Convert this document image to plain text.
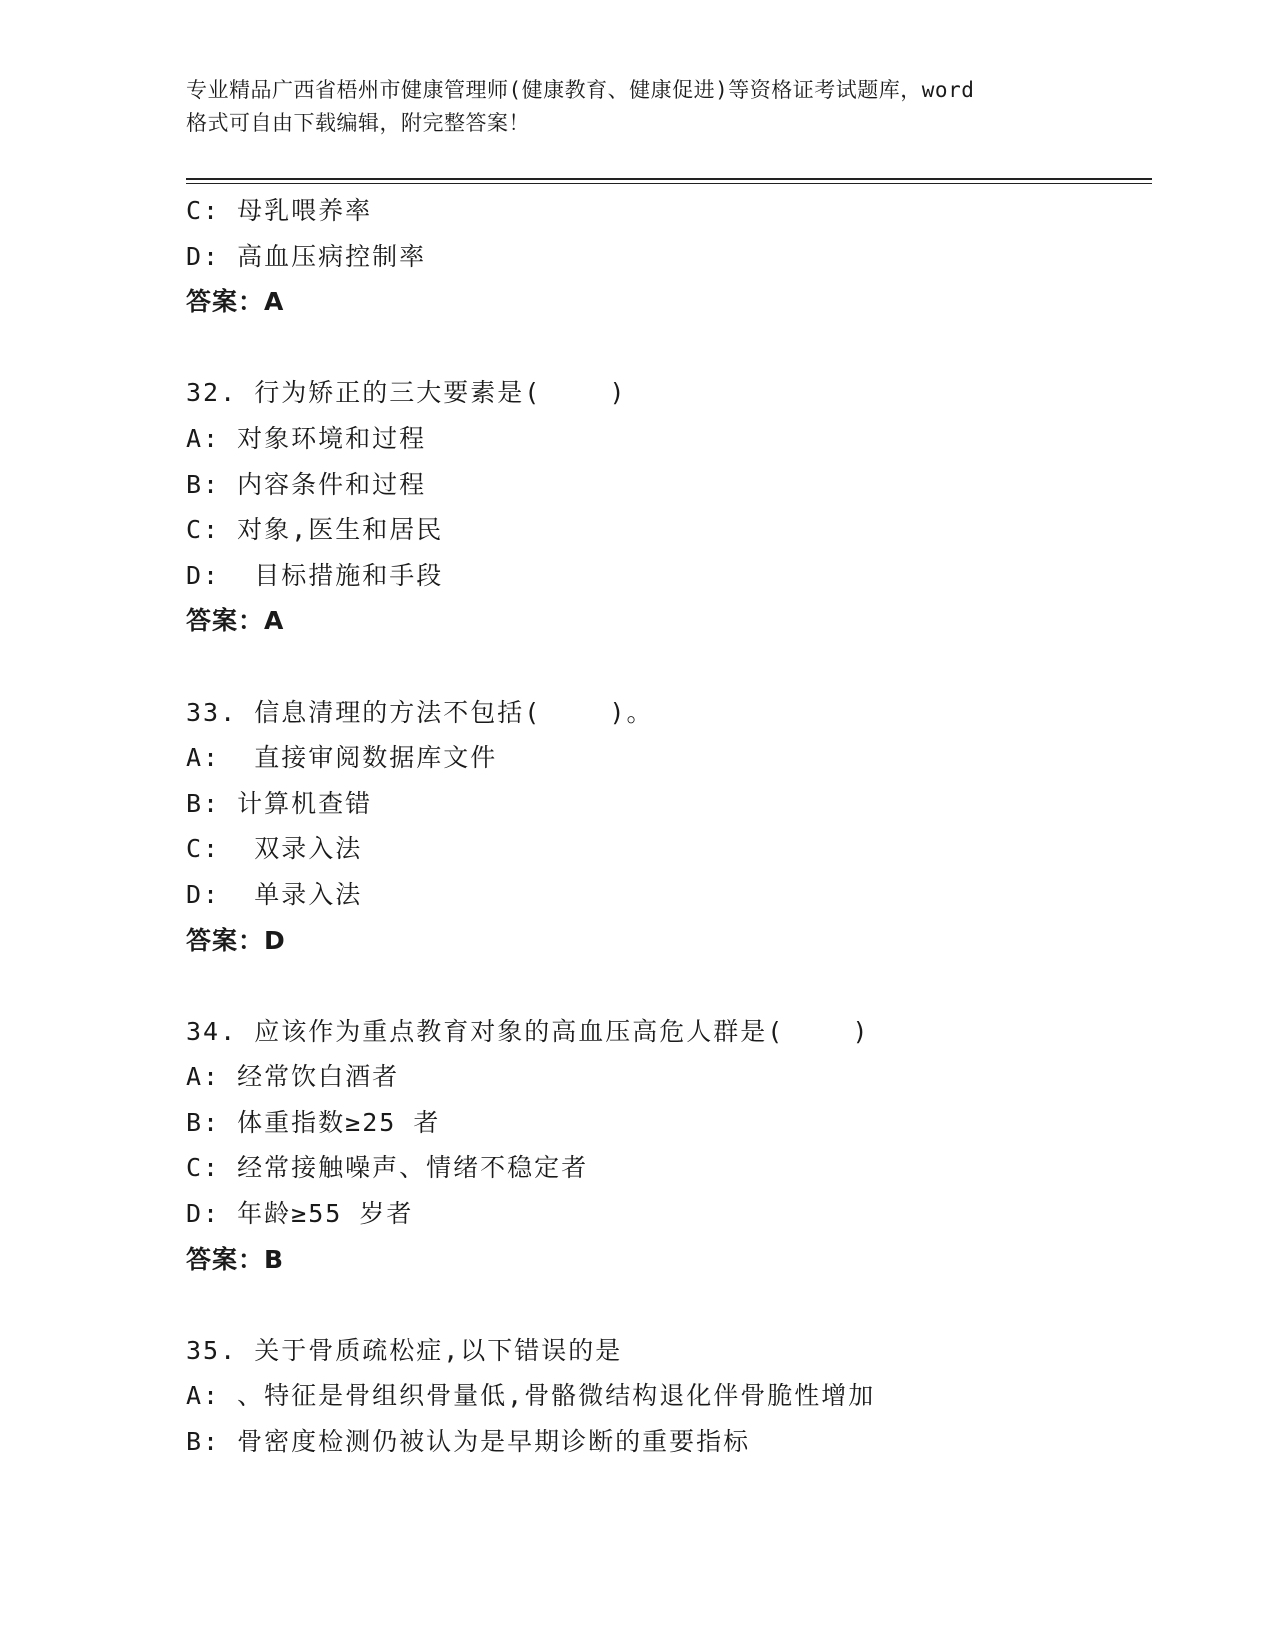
专业精品广西省梧州市健康管理师(健康教育、健康促进)等资格证考试题库，word
格式可自由下载编辑，附完整答案！
C: 母乳喂养率
D: 高血压病控制率
答案：A
32. 行为矫正的三大要素是(    )
A: 对象环境和过程
B: 内容条件和过程
C: 对象,医生和居民
D:  目标措施和手段
答案：A
33. 信息清理的方法不包括(    )。
A:  直接审阅数据库文件
B: 计算机查错
C:  双录入法
D:  单录入法
答案：D
34. 应该作为重点教育对象的高血压高危人群是(    )
A: 经常饮白酒者
B: 体重指数≥25 者
C: 经常接触噪声、情绪不稳定者
D: 年龄≥55 岁者
答案：B
35. 关于骨质疏松症,以下错误的是
A: 、特征是骨组织骨量低,骨骼微结构退化伴骨脆性增加
B: 骨密度检测仍被认为是早期诊断的重要指标
